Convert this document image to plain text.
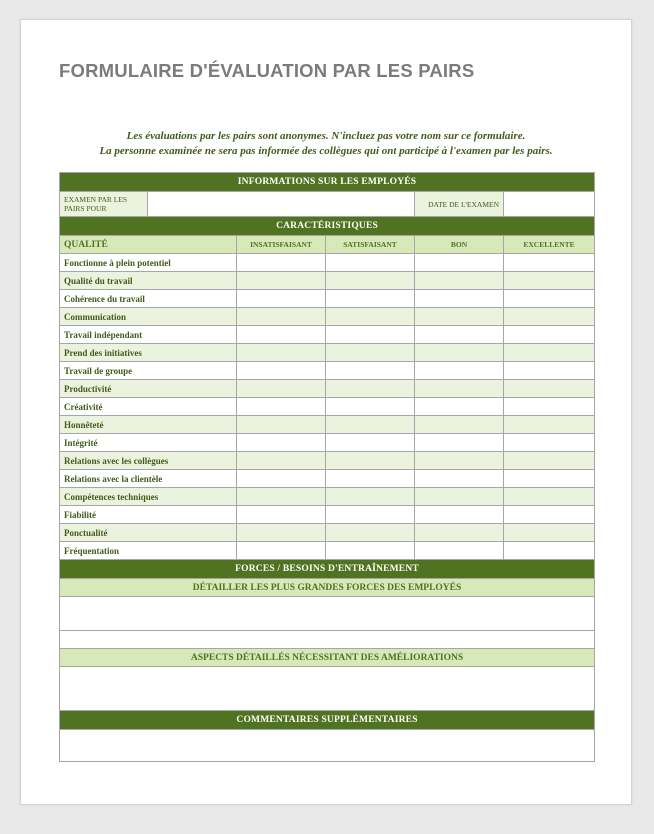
FORMULAIRE D'ÉVALUATION PAR LES PAIRS
Les évaluations par les pairs sont anonymes. N'incluez pas votre nom sur ce formulaire.
La personne examinée ne sera pas informée des collègues qui ont participé à l'examen par les pairs.
INFORMATIONS SUR LES EMPLOYÉS					
EXAMEN PAR LES PAIRS POUR				DATE DE L'EXAMEN	
CARACTÉRISTIQUES					
QUALITÉ		INSATISFAISANT	SATISFAISANT	BON	EXCELLENTE
Fonctionne à plein potentiel					
Qualité du travail					
Cohérence du travail					
Communication					
Travail indépendant					
Prend des initiatives					
Travail de groupe					
Productivité					
Créativité					
Honnêteté					
Intégrité					
Relations avec les collègues					
Relations avec la clientèle					
Compétences techniques					
Fiabilité					
Ponctualité					
Fréquentation					
FORCES / BESOINS D'ENTRAÎNEMENT					
DÉTAILLER LES PLUS GRANDES FORCES DES EMPLOYÉS					

ASPECTS DÉTAILLÉS NÉCESSITANT DES AMÉLIORATIONS					

COMMENTAIRES SUPPLÉMENTAIRES					
